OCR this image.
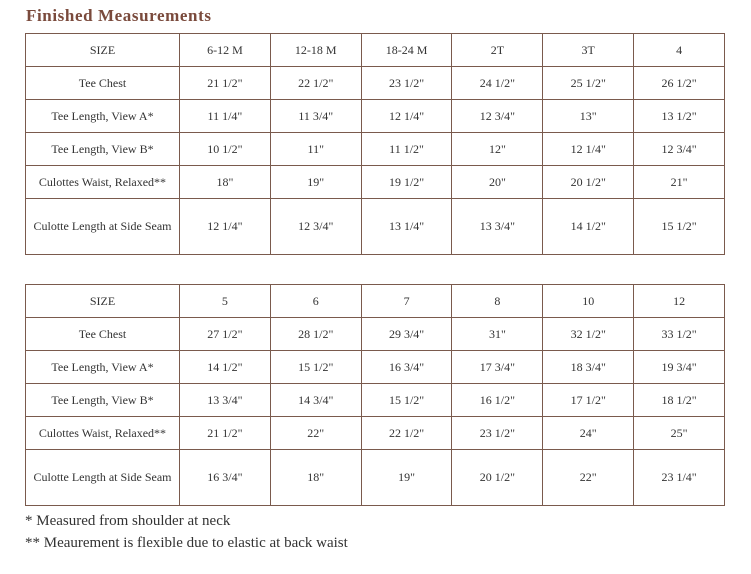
Finished Measurements
SIZE	6-12 M	12-18 M	18-24 M	2T	3T	4
Tee Chest	21 1/2"	22 1/2"	23 1/2"	24 1/2"	25 1/2"	26 1/2"
Tee Length, View A*	11 1/4"	11 3/4"	12 1/4"	12 3/4"	13"	13 1/2"
Tee Length, View B*	10 1/2"	11"	11 1/2"	12"	12 1/4"	12 3/4"
Culottes Waist, Relaxed**	18"	19"	19 1/2"	20"	20 1/2"	21"
Culotte Length at Side Seam	12 1/4"	12 3/4"	13 1/4"	13 3/4"	14 1/2"	15 1/2"
SIZE	5	6	7	8	10	12
Tee Chest	27 1/2"	28 1/2"	29 3/4"	31"	32 1/2"	33 1/2"
Tee Length, View A*	14 1/2"	15 1/2"	16 3/4"	17 3/4"	18 3/4"	19 3/4"
Tee Length, View B*	13 3/4"	14 3/4"	15 1/2"	16 1/2"	17 1/2"	18 1/2"
Culottes Waist, Relaxed**	21 1/2"	22"	22 1/2"	23 1/2"	24"	25"
Culotte Length at Side Seam	16 3/4"	18"	19"	20 1/2"	22"	23 1/4"
* Measured from shoulder at neck
** Meaurement is flexible due to elastic at back waist
